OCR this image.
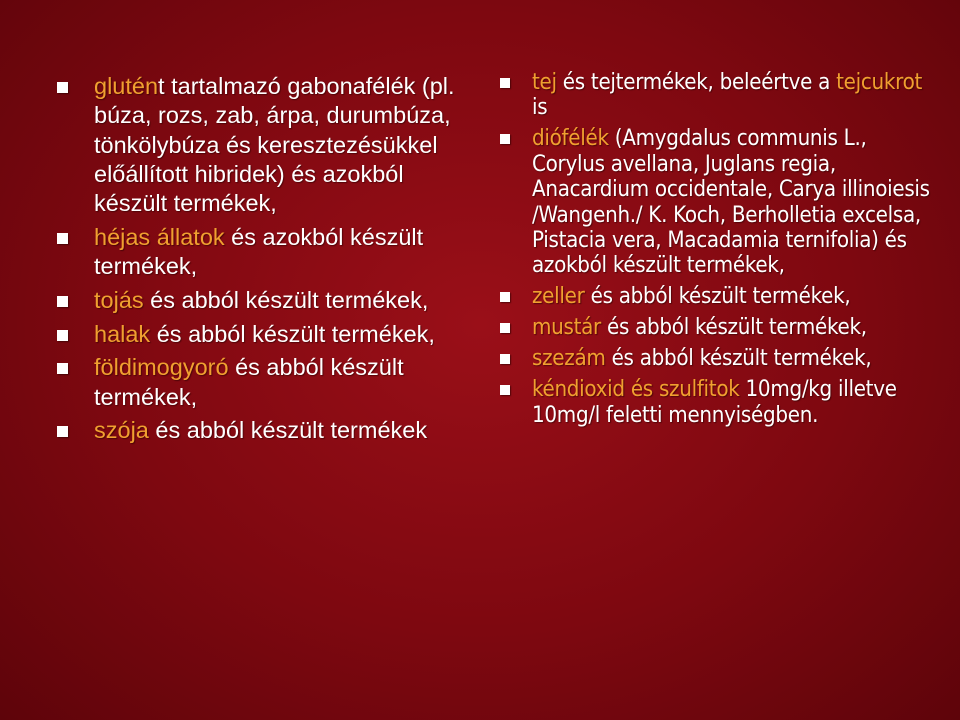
glutént tartalmazó gabonafélék (pl. búza, rozs, zab, árpa, durumbúza, tönkölybúza és keresztezésükkel előállított hibridek) és azokból készült termékek,
héjas állatok és azokból készült termékek,
tojás és abból készült termékek,
halak és abból készült termékek,
földimogyoró és abból készült termékek,
szója és abból készült termékek
tej és tejtermékek, beleértve a tejcukrot is
diófélék (Amygdalus communis L., Corylus avellana, Juglans regia, Anacardium occidentale, Carya illinoiesis /Wangenh./ K. Koch, Berholletia excelsa, Pistacia vera, Macadamia ternifolia) és azokból készült termékek,
zeller és abból készült termékek,
mustár és abból készült termékek,
szezám és abból készült termékek,
kéndioxid és szulfitok 10mg/kg illetve 10mg/l feletti mennyiségben.
